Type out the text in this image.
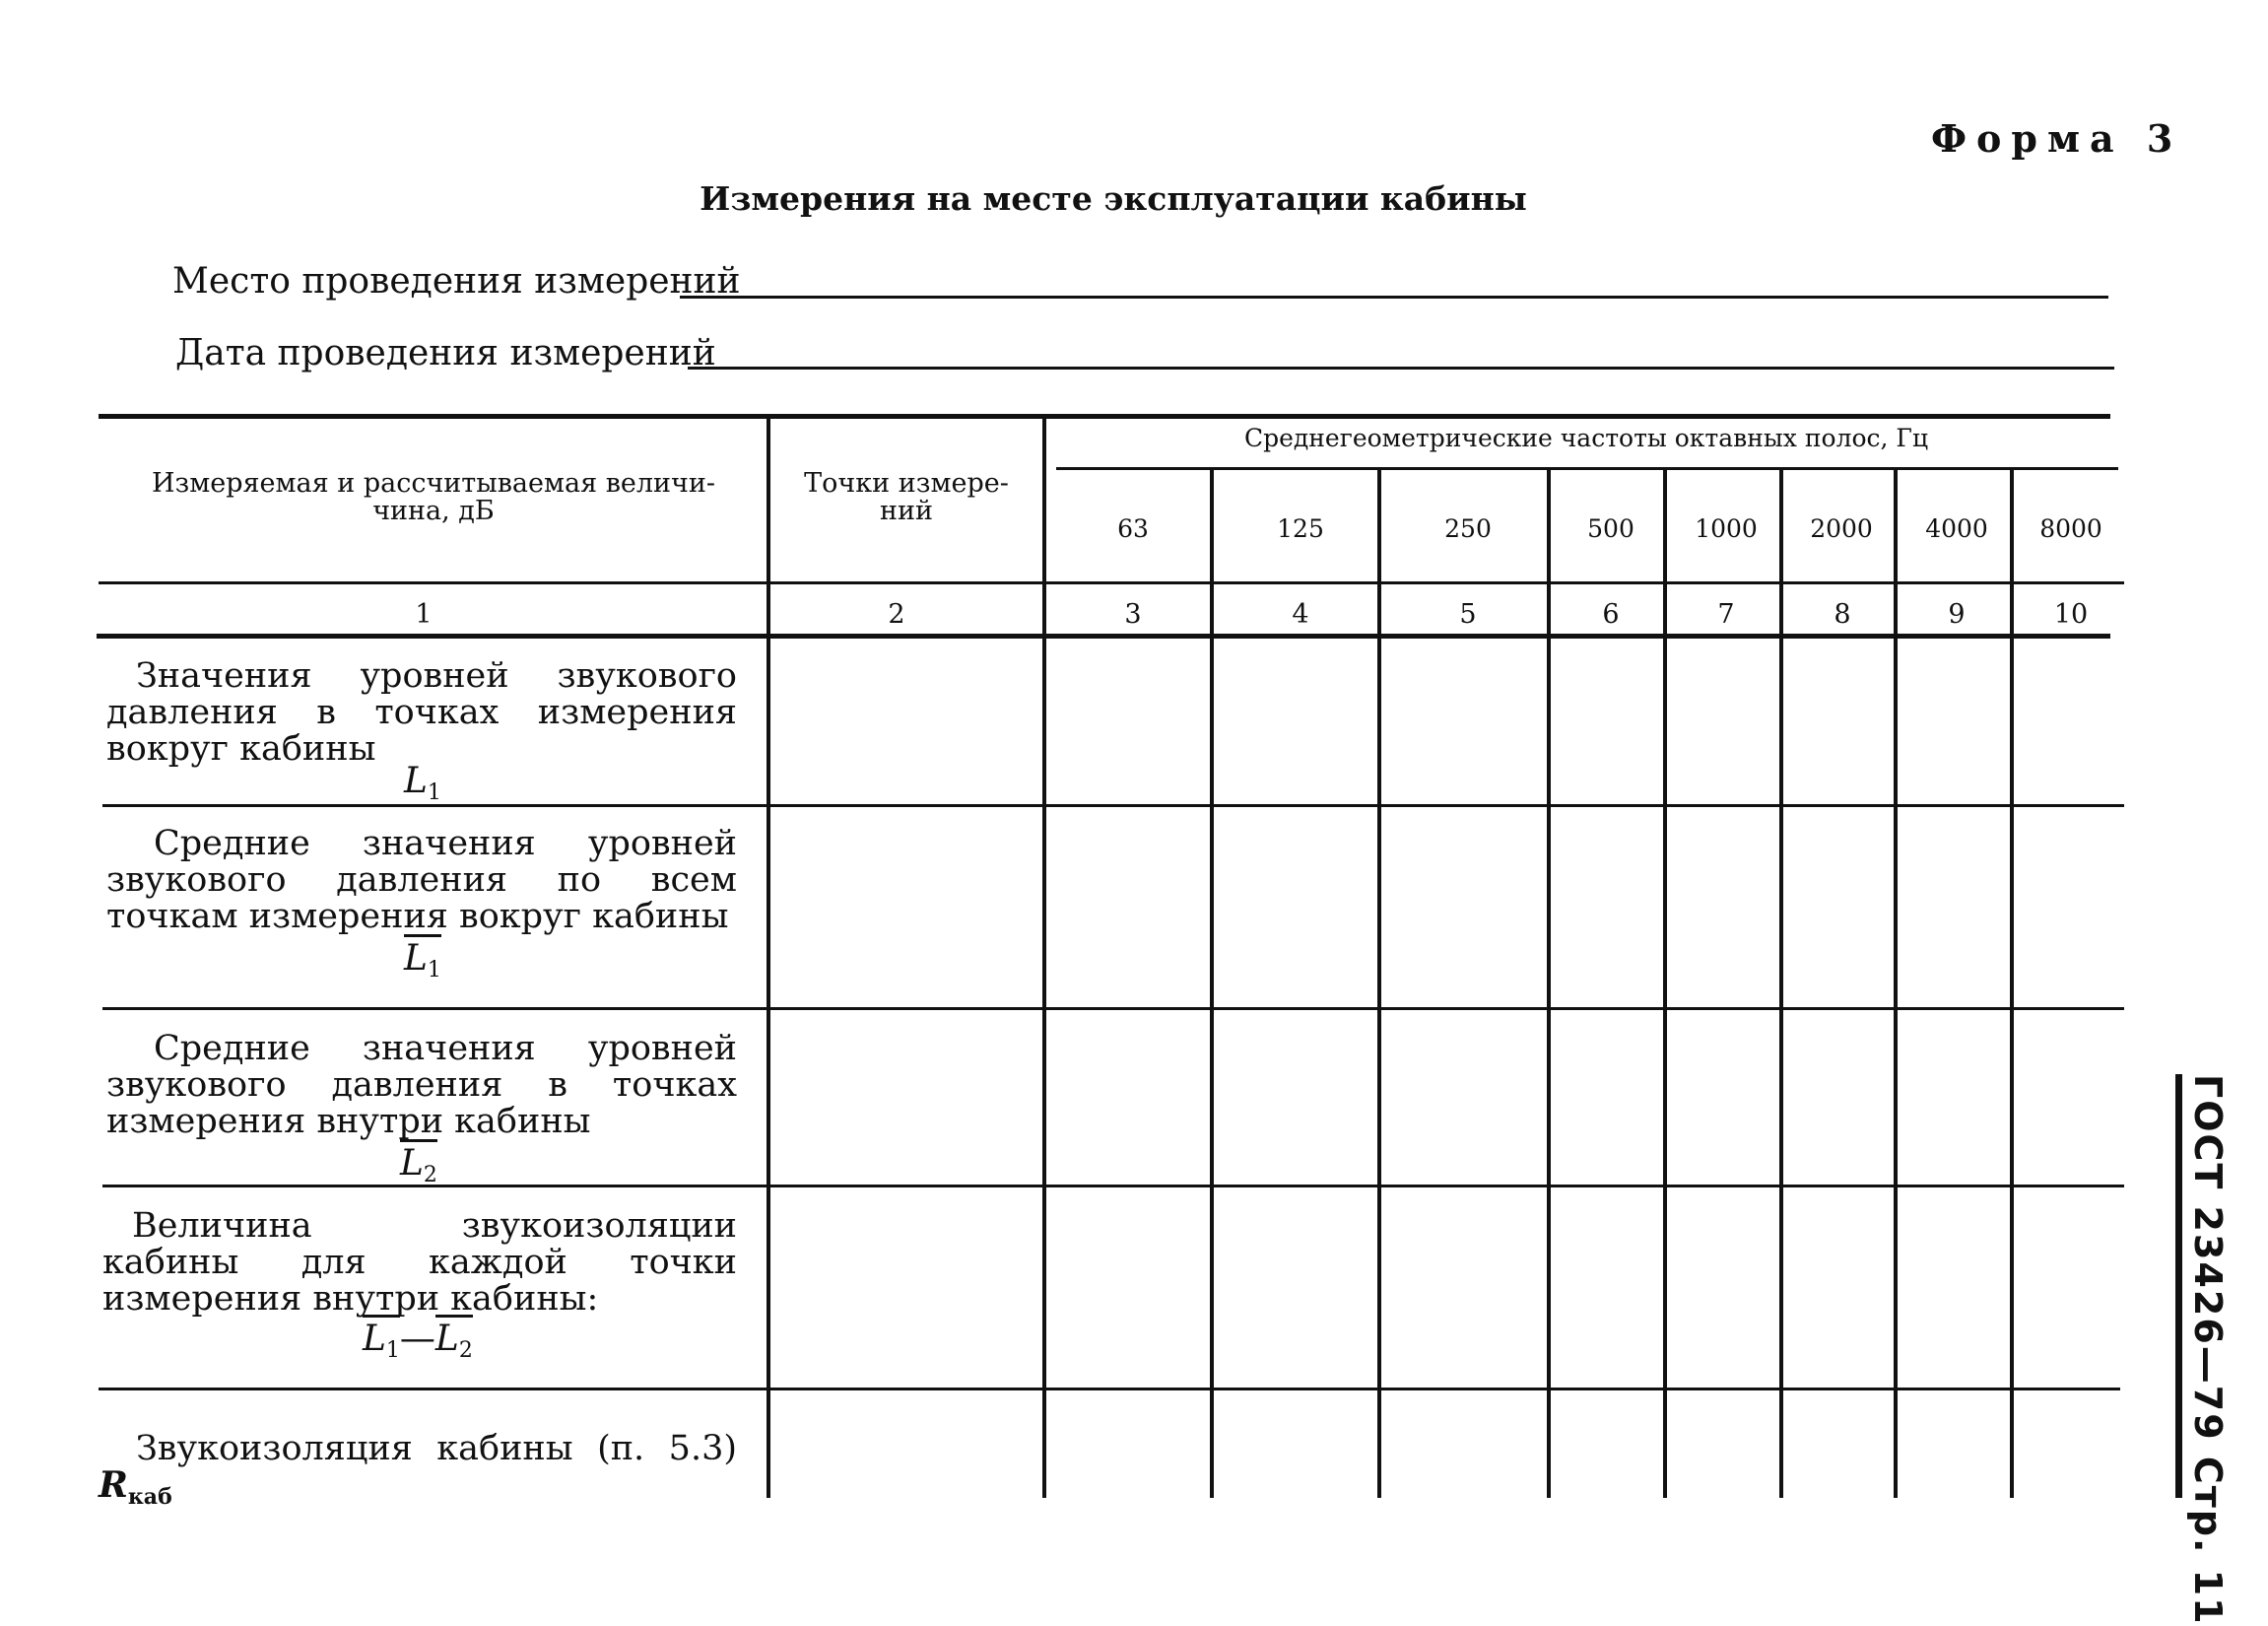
Форма 3
Измерения на месте эксплуатации кабины
Место проведения измерений
Дата проведения измерений
ГОСТ 23426—79 Стр. 11
Измеряемая и рассчитываемая величи-чина, дБ
Точки измере-ний
Среднегеометрические частоты октавных полос, Гц
63	125	250	500	1000	2000	4000	8000
1	2	3	4	5	6	7	8	9	10
Значения уровней звукового давления в точках измерения вокруг кабины
$L_1$
Средние значения уровней звукового давления по всем точкам измерения вокруг кабины
$L_1$
Средние значения уровней звукового давления в точках измерения внутри кабины
$L_2$
Величина звукоизоляции кабины для каждой точки измерения внутри кабины:
$L_1—L_2$
Звукоизоляция кабины (п. 5.3)
$R_{каб}$
